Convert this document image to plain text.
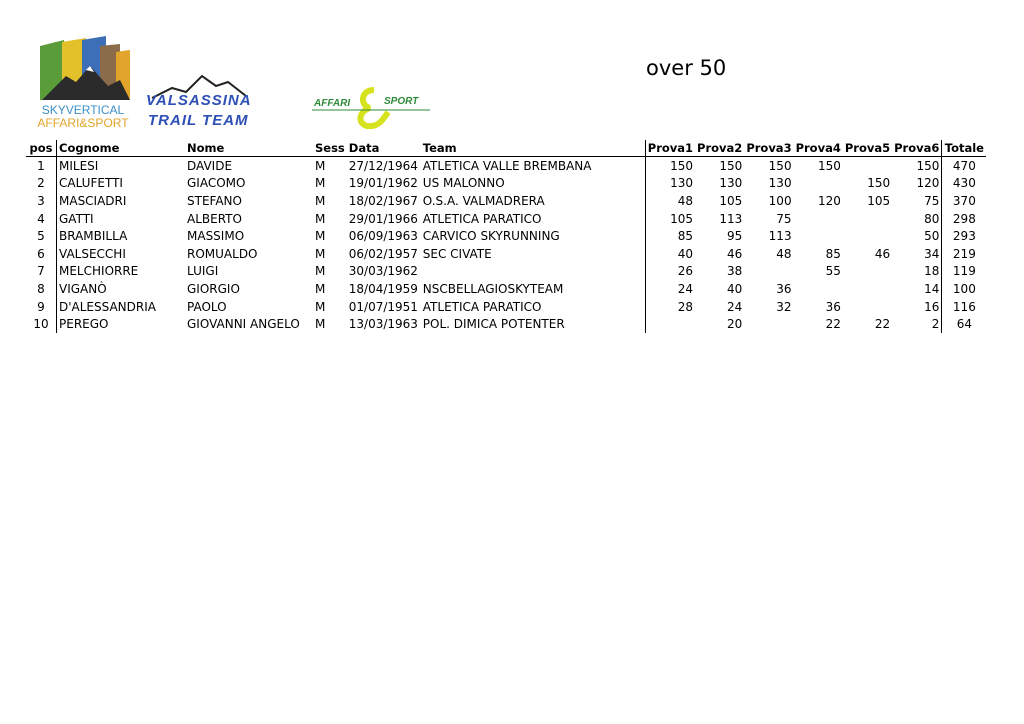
SKYVERTICAL
AFFARI&SPORT
VALSASSINA
TRAIL TEAM
AFFARI	SPORT
over 50
pos	Cognome	Nome	Sess	Data	Team	Prova1	Prova2	Prova3	Prova4	Prova5	Prova6	Totale
1	MILESI	DAVIDE	M	27/12/1964	ATLETICA VALLE BREMBANA	150	150	150	150		150	470
2	CALUFETTI	GIACOMO	M	19/01/1962	US MALONNO	130	130	130		150	120	430
3	MASCIADRI	STEFANO	M	18/02/1967	O.S.A. VALMADRERA	48	105	100	120	105	75	370
4	GATTI	ALBERTO	M	29/01/1966	ATLETICA PARATICO	105	113	75			80	298
5	BRAMBILLA	MASSIMO	M	06/09/1963	CARVICO SKYRUNNING	85	95	113			50	293
6	VALSECCHI	ROMUALDO	M	06/02/1957	SEC CIVATE	40	46	48	85	46	34	219
7	MELCHIORRE	LUIGI	M	30/03/1962		26	38		55		18	119
8	VIGANÒ	GIORGIO	M	18/04/1959	NSCBELLAGIOSKYTEAM	24	40	36			14	100
9	D'ALESSANDRIA	PAOLO	M	01/07/1951	ATLETICA PARATICO	28	24	32	36		16	116
10	PEREGO	GIOVANNI ANGELO	M	13/03/1963	POL. DIMICA POTENTER		20		22	22	2	64
